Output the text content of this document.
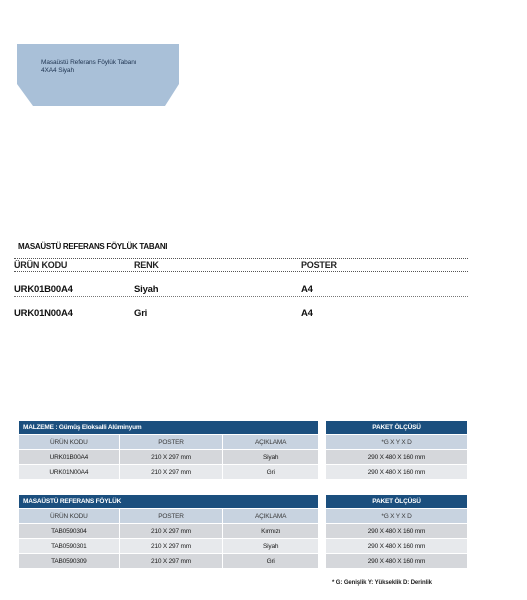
Masaüstü Referans Föylük Tabanı
4XA4 Siyah
MASAÜSTÜ REFERANS FÖYLÜK TABANI
ÜRÜN KODU	RENK	POSTER
URK01B00A4	Siyah	A4
URK01N00A4	Gri	A4
MALZEME : Gümüş Eloksalli Alüminyum		
ÜRÜN KODU	POSTER	AÇIKLAMA
URK01B00A4	210 X 297 mm	Siyah
URK01N00A4	210 X 297 mm	Gri
PAKET ÖLÇÜSÜ
*G X Y X D
290 X 480 X 160 mm
290 X 480 X 160 mm
MASAÜSTÜ REFERANS FÖYLÜK		
ÜRÜN KODU	POSTER	AÇIKLAMA
TAB0590304	210 X 297 mm	Kırmızı
TAB0590301	210 X 297 mm	Siyah
TAB0590309	210 X 297 mm	Gri
PAKET ÖLÇÜSÜ
*G X Y X D
290 X 480 X 160 mm
290 X 480 X 160 mm
290 X 480 X 160 mm
* G: Genişlik Y: Yükseklik D: Derinlik
